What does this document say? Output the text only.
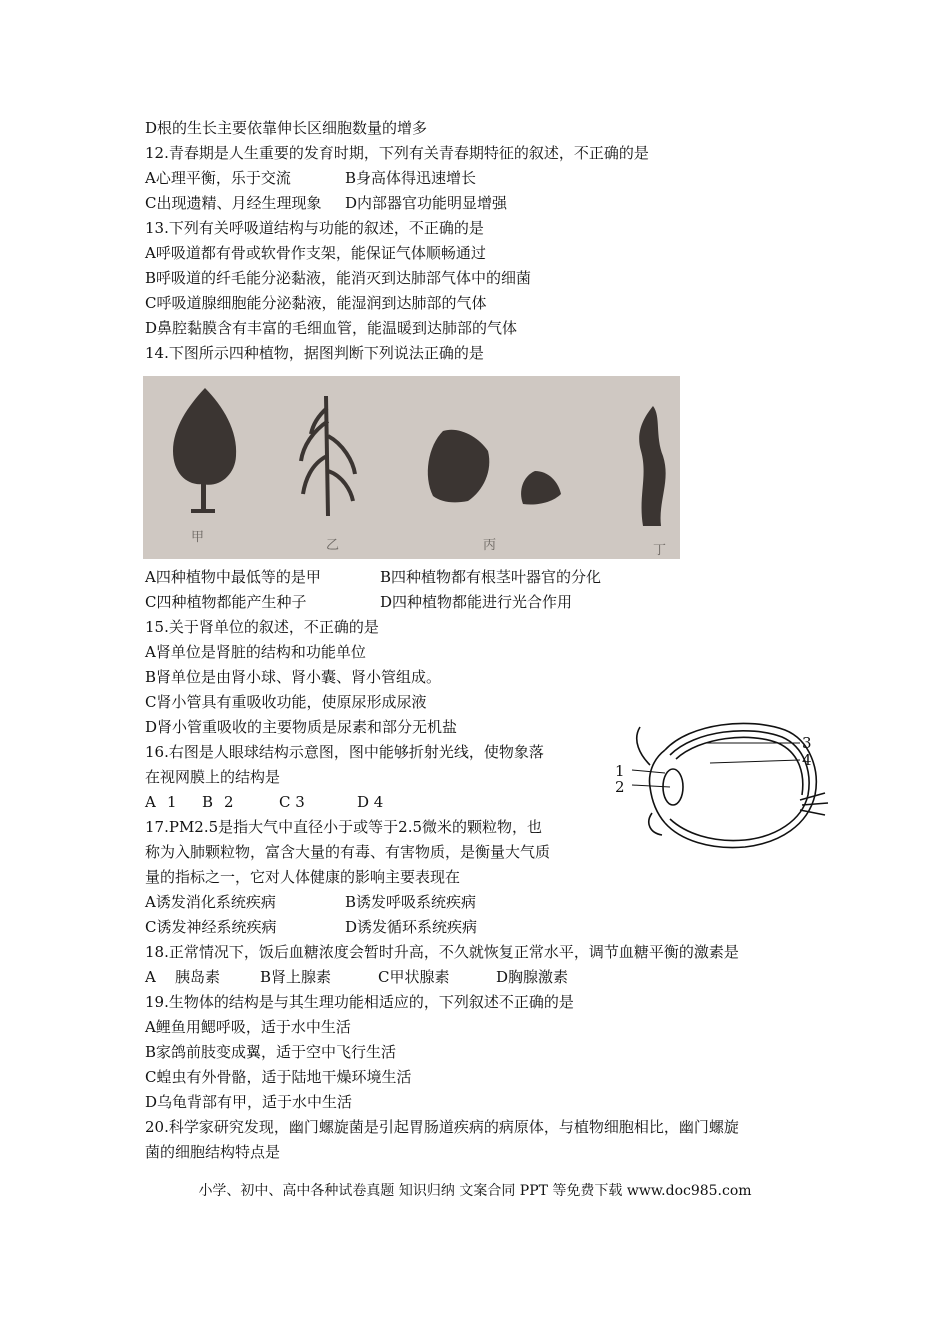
D根的生长主要依靠伸长区细胞数量的增多
12.青春期是人生重要的发育时期，下列有关青春期特征的叙述，不正确的是
A心理平衡，乐于交流	B身高体得迅速增长
C出现遗精、月经生理现象 D内部器官功能明显增强
13.下列有关呼吸道结构与功能的叙述，不正确的是
A呼吸道都有骨或软骨作支架，能保证气体顺畅通过
B呼吸道的纤毛能分泌黏液，能消灭到达肺部气体中的细菌
C呼吸道腺细胞能分泌黏液，能湿润到达肺部的气体
D鼻腔黏膜含有丰富的毛细血管，能温暖到达肺部的气体
14.下图所示四种植物，据图判断下列说法正确的是
甲
乙	丙	丁
A四种植物中最低等的是甲	B四种植物都有根茎叶器官的分化
C四种植物都能产生种子	D四种植物都能进行光合作用
15.关于肾单位的叙述，不正确的是
A肾单位是肾脏的结构和功能单位
B肾单位是由肾小球、肾小囊、肾小管组成。
C肾小管具有重吸收功能，使原尿形成尿液
D肾小管重吸收的主要物质是尿素和部分无机盐
16.右图是人眼球结构示意图，图中能够折射光线，使物象落
在视网膜上的结构是
A 1 B 2	C 3	D 4
1
2
3
4
17.PM2.5是指大气中直径小于或等于2.5微米的颗粒物，也
称为入肺颗粒物，富含大量的有毒、有害物质，是衡量大气质
量的指标之一，它对人体健康的影响主要表现在
A诱发消化系统疾病	B诱发呼吸系统疾病
C诱发神经系统疾病	D诱发循环系统疾病
18.正常情况下，饭后血糖浓度会暂时升高，不久就恢复正常水平，调节血糖平衡的激素是
A 胰岛素	B肾上腺素	C甲状腺素	D胸腺激素
19.生物体的结构是与其生理功能相适应的，下列叙述不正确的是
A鲤鱼用鳃呼吸，适于水中生活
B家鸽前肢变成翼，适于空中飞行生活
C蝗虫有外骨骼，适于陆地干燥环境生活
D乌龟背部有甲，适于水中生活
20.科学家研究发现，幽门螺旋菌是引起胃肠道疾病的病原体，与植物细胞相比，幽门螺旋
菌的细胞结构特点是
小学、初中、高中各种试卷真题 知识归纳 文案合同 PPT 等免费下载 www.doc985.com
